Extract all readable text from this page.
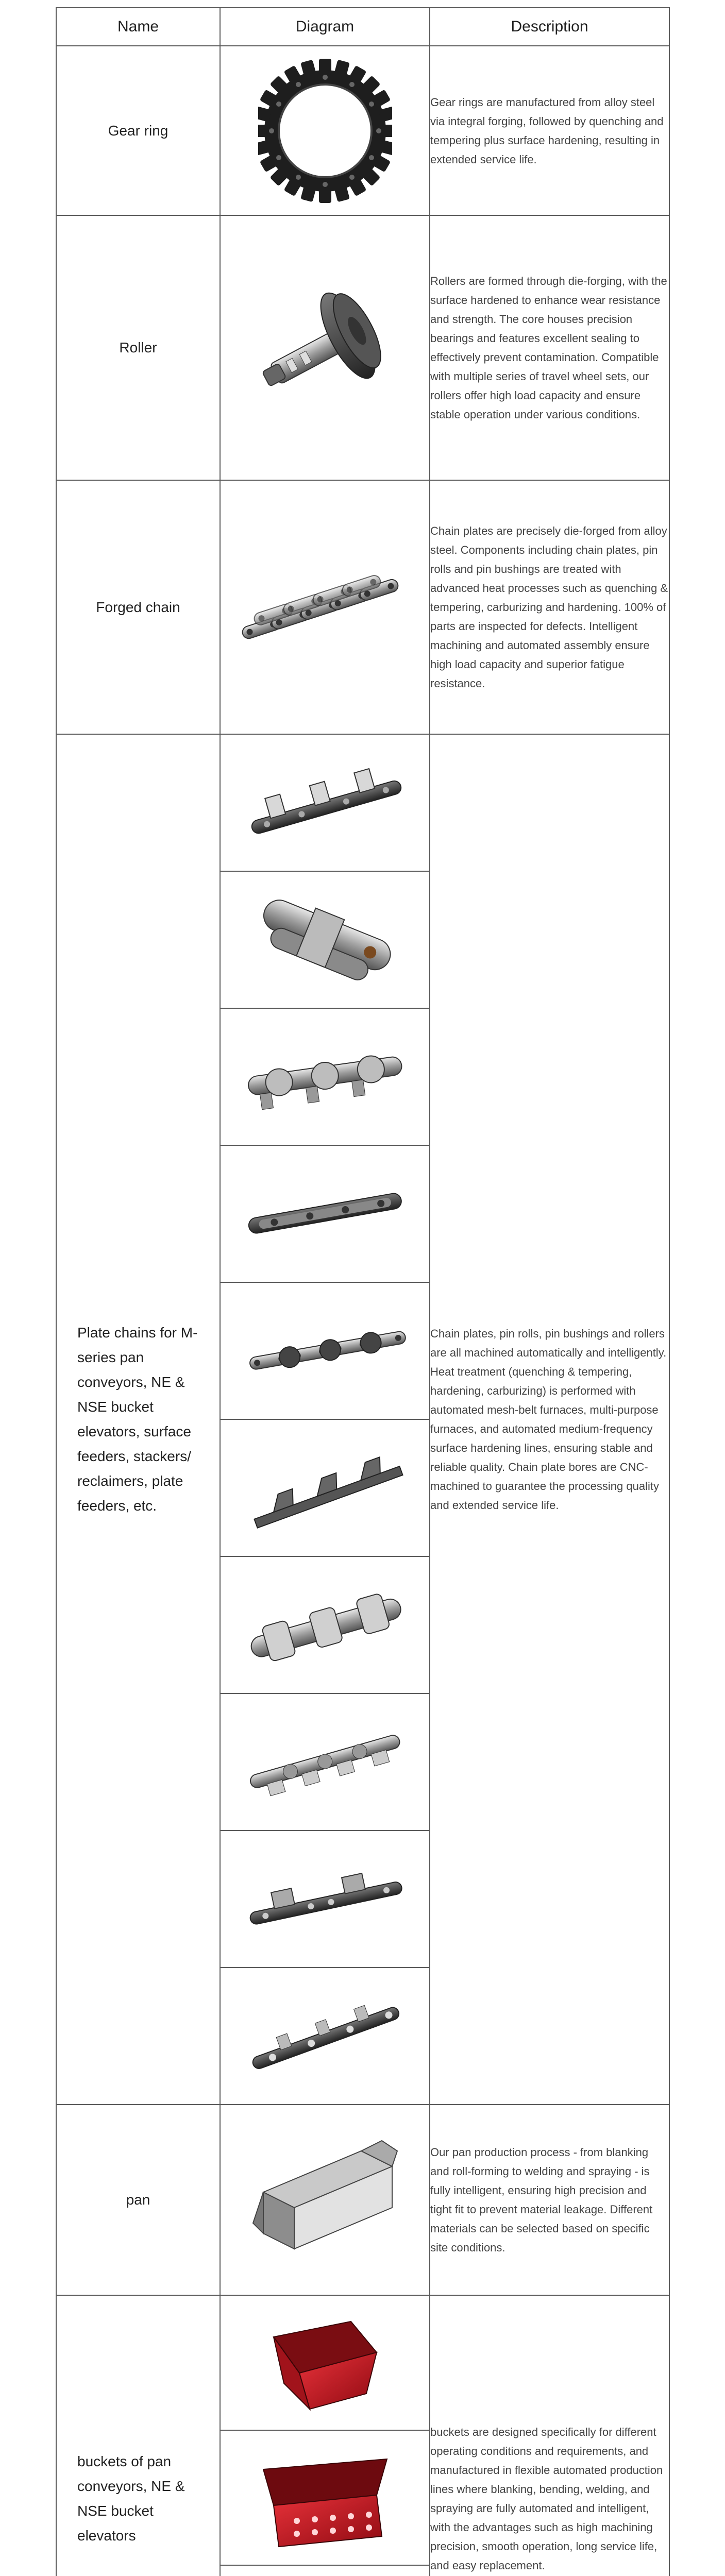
Name	Diagram	Description
Gear ring		Gear rings are manufactured from alloy steel via integral forging, followed by quenching and tempering plus surface hardening, resulting in extended service life.
Roller		Rollers are formed through die-forging, with the surface hardened to enhance wear resistance and strength. The core houses precision bearings and features excellent sealing to effectively prevent contamination. Compatible with multiple series of travel wheel sets, our rollers offer high load capacity and ensure stable operation under various conditions.
Forged chain		Chain plates are precisely die-forged from alloy steel. Components including chain plates, pin rolls and pin bushings are treated with advanced heat processes such as quenching & tempering, carburizing and hardening. 100% of parts are inspected for defects. Intelligent machining and automated assembly ensure high load capacity and superior fatigue resistance.
Plate chains for M-series pan conveyors, NE & NSE bucket elevators, surface feeders, stackers/ reclaimers, plate feeders, etc.		Chain plates, pin rolls, pin bushings and rollers are all machined automatically and intelligently. Heat treatment (quenching & tempering, hardening, carburizing) is performed with automated mesh-belt furnaces, multi-purpose furnaces, and automated medium-frequency surface hardening lines, ensuring stable and reliable quality. Chain plate bores are CNC-machined to guarantee the processing quality and extended service life.
pan		Our pan production process - from blanking and roll-forming to welding and spraying - is fully intelligent, ensuring high precision and tight fit to prevent material leakage. Different materials can be selected based on specific site conditions.
buckets of pan conveyors, NE & NSE bucket elevators		buckets are designed specifically for different operating conditions and requirements, and manufactured in flexible automated production lines where blanking, bending, welding, and spraying are fully automated and intelligent, with the advantages such as high machining precision, smooth operation, long service life, and easy replacement.
